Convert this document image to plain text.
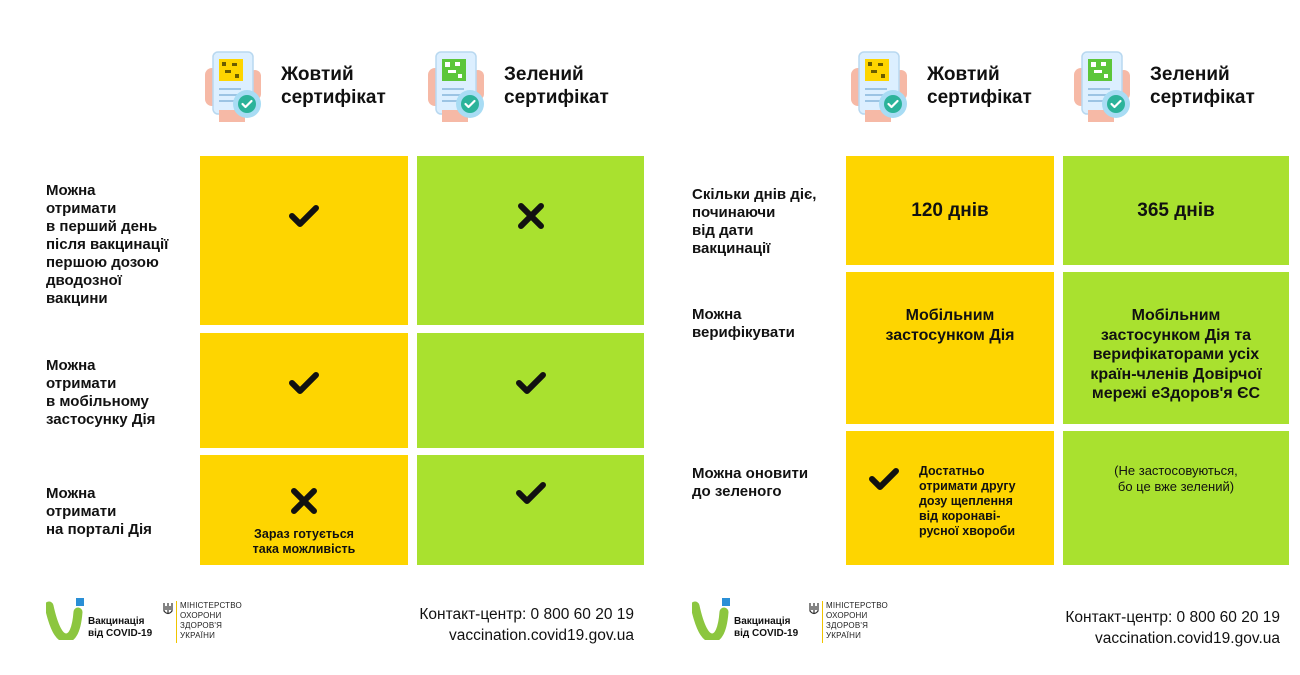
Жовтий
сертифікат
Зелений
сертифікат
Можна
отримати
в перший день
після вакцинації
першою дозою
дводозної
вакцини
Можна
отримати
в мобільному
застосунку Дія
Можна
отримати
на порталі Дія	Зараз готується
така можливість
Вакцинація
від COVID-19
МІНІСТЕРСТВО
ОХОРОНИ
ЗДОРОВ'Я
УКРАЇНИ
Контакт-центр: 0 800 60 20 19
vaccination.covid19.gov.ua
Жовтий
сертифікат
Зелений
сертифікат
Скільки днів діє,
починаючи
від дати
вакцинації
120 днів	365 днів
Можна
верифікувати
Мобільним
застосунком Дія
Мобільним
застосунком Дія та
верифікаторами усіх
країн-членів Довірчої
мережі еЗдоров'я ЄС
Можна оновити
до зеленого
Достатньо
отримати другу
дозу щеплення
від коронаві-
русної хвороби
(Не застосовуються,
бо це вже зелений)
Вакцинація
від COVID-19
МІНІСТЕРСТВО
ОХОРОНИ
ЗДОРОВ'Я
УКРАЇНИ
Контакт-центр: 0 800 60 20 19
vaccination.covid19.gov.ua
